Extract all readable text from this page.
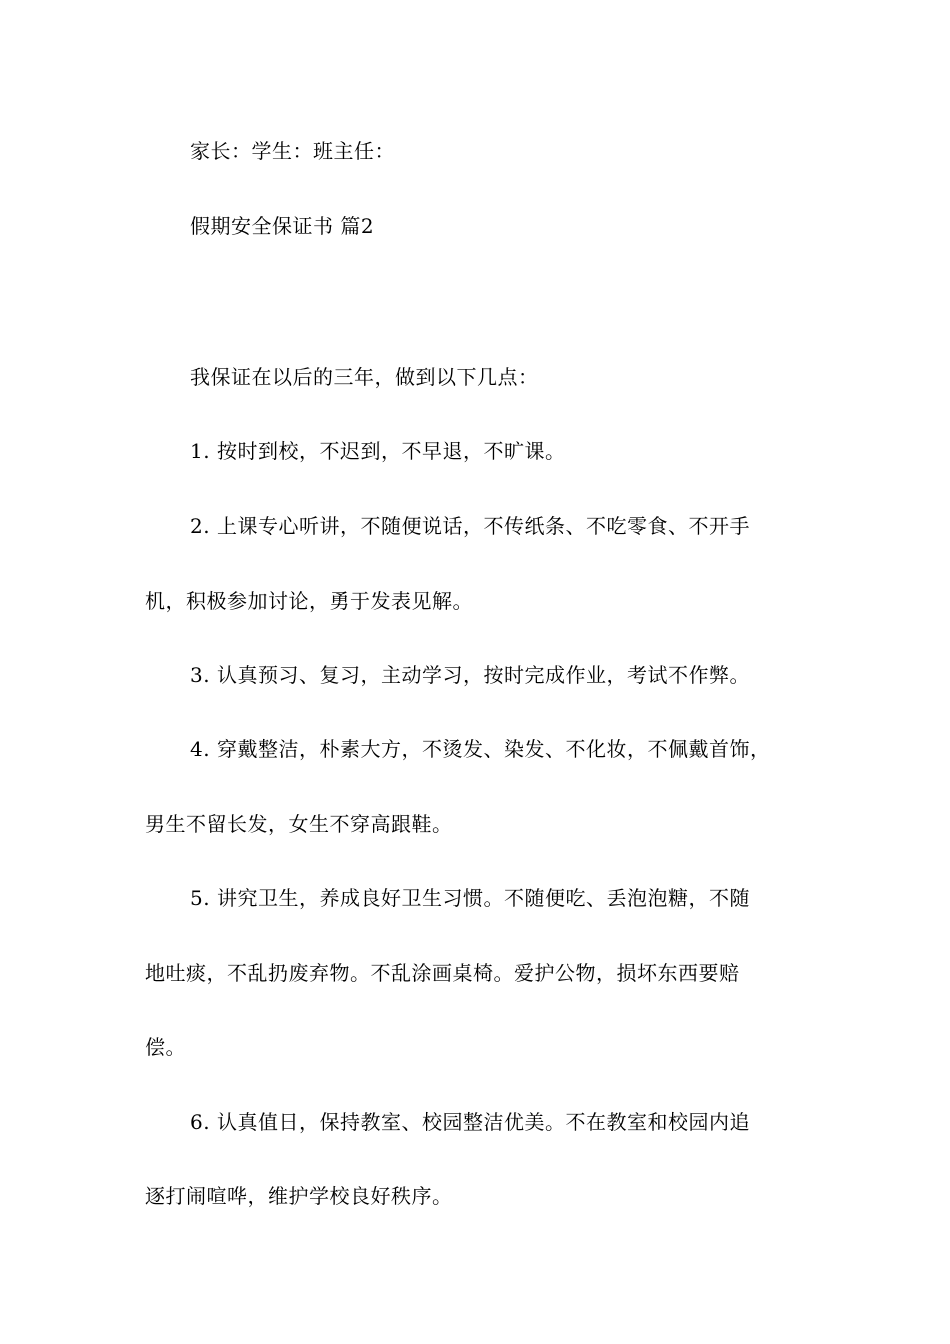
家长：学生：班主任：
假期安全保证书 篇2
我保证在以后的三年，做到以下几点：
1. 按时到校，不迟到，不早退，不旷课。
2. 上课专心听讲，不随便说话，不传纸条、不吃零食、不开手
机，积极参加讨论，勇于发表见解。
3. 认真预习、复习，主动学习，按时完成作业，考试不作弊。
4. 穿戴整洁，朴素大方，不烫发、染发、不化妆，不佩戴首饰，
男生不留长发，女生不穿高跟鞋。
5. 讲究卫生，养成良好卫生习惯。不随便吃、丢泡泡糖，不随
地吐痰，不乱扔废弃物。不乱涂画桌椅。爱护公物，损坏东西要赔
偿。
6. 认真值日，保持教室、校园整洁优美。不在教室和校园内追
逐打闹喧哗，维护学校良好秩序。
